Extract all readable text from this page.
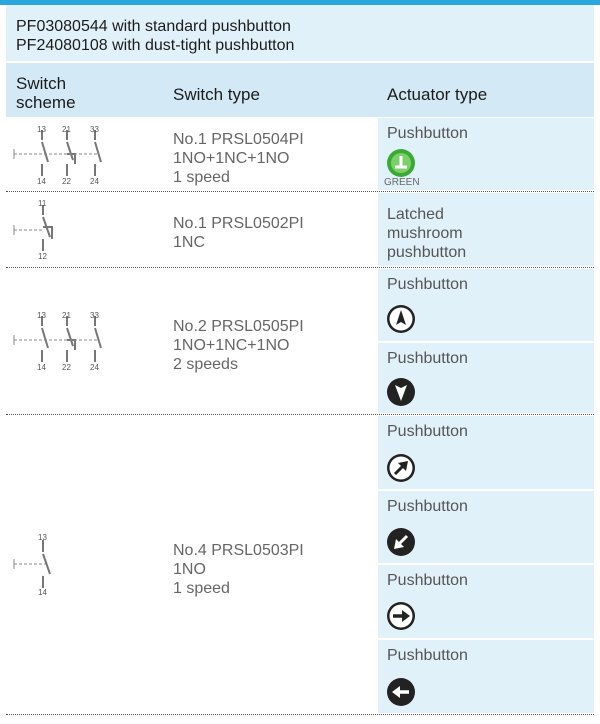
PF03080544 with standard pushbutton
PF24080108 with dust-tight pushbutton
Switch
scheme	Switch type	Actuator type
Pushbutton
GREEN
No.1 PRSL0504PI
1NO+1NC+1NO
1 speed
13 21 33
14 22 24
Latched
mushroom
pushbutton
No.1 PRSL0502PI
1NC
11
12
Pushbutton
Pushbutton
No.2 PRSL0505PI
1NO+1NC+1NO
2 speeds
13 21 33
14 22 24
Pushbutton
Pushbutton
Pushbutton
Pushbutton
No.4 PRSL0503PI
1NO
1 speed
13
14
